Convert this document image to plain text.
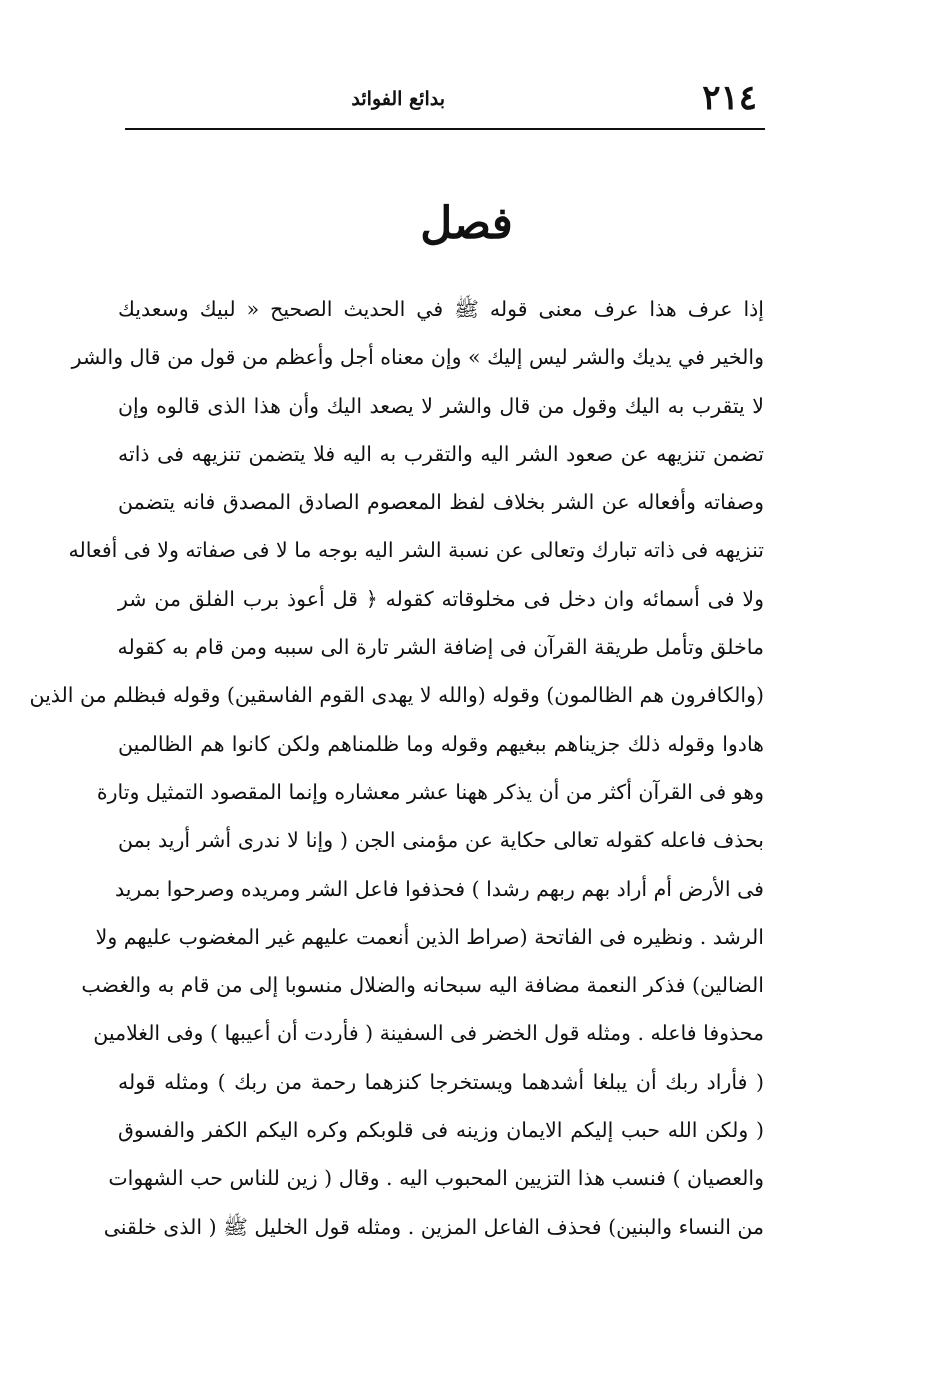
٢١٤
بدائع الفوائد
فصل
إذا عرف هذا عرف معنى قوله ﷺ في الحديث الصحيح « لبيك وسعديك
والخير في يديك والشر ليس إليك » وإن معناه أجل وأعظم من قول من قال والشر
لا يتقرب به اليك وقول من قال والشر لا يصعد اليك وأن هذا الذى قالوه وإن
تضمن تنزيهه عن صعود الشر اليه والتقرب به اليه فلا يتضمن تنزيهه فى ذاته
وصفاته وأفعاله عن الشر بخلاف لفظ المعصوم الصادق المصدق فانه يتضمن
تنزيهه فى ذاته تبارك وتعالى عن نسبة الشر اليه بوجه ما لا فى صفاته ولا فى أفعاله
ولا فى أسمائه وان دخل فى مخلوقاته كقوله ﴿ قل أعوذ برب الفلق من شر
ماخلق وتأمل طريقة القرآن فى إضافة الشر تارة الى سببه ومن قام به كقوله
(والكافرون هم الظالمون) وقوله (والله لا يهدى القوم الفاسقين) وقوله فبظلم من الذين
هادوا وقوله ذلك جزيناهم ببغيهم وقوله وما ظلمناهم ولكن كانوا هم الظالمين
وهو فى القرآن أكثر من أن يذكر ههنا عشر معشاره وإنما المقصود التمثيل وتارة
بحذف فاعله كقوله تعالى حكاية عن مؤمنى الجن ( وإنا لا ندرى أشر أريد بمن
فى الأرض أم أراد بهم ربهم رشدا ) فحذفوا فاعل الشر ومريده وصرحوا بمريد
الرشد . ونظيره فى الفاتحة (صراط الذين أنعمت عليهم غير المغضوب عليهم ولا
الضالين) فذكر النعمة مضافة اليه سبحانه والضلال منسوبا إلى من قام به والغضب
محذوفا فاعله . ومثله قول الخضر فى السفينة ( فأردت أن أعيبها ) وفى الغلامين
( فأراد ربك أن يبلغا أشدهما ويستخرجا كنزهما رحمة من ربك ) ومثله قوله
( ولكن الله حبب إليكم الايمان وزينه فى قلوبكم وكره اليكم الكفر والفسوق
والعصيان ) فنسب هذا التزيين المحبوب اليه . وقال ( زين للناس حب الشهوات
من النساء والبنين) فحذف الفاعل المزين . ومثله قول الخليل ﷺ ( الذى خلقنى
